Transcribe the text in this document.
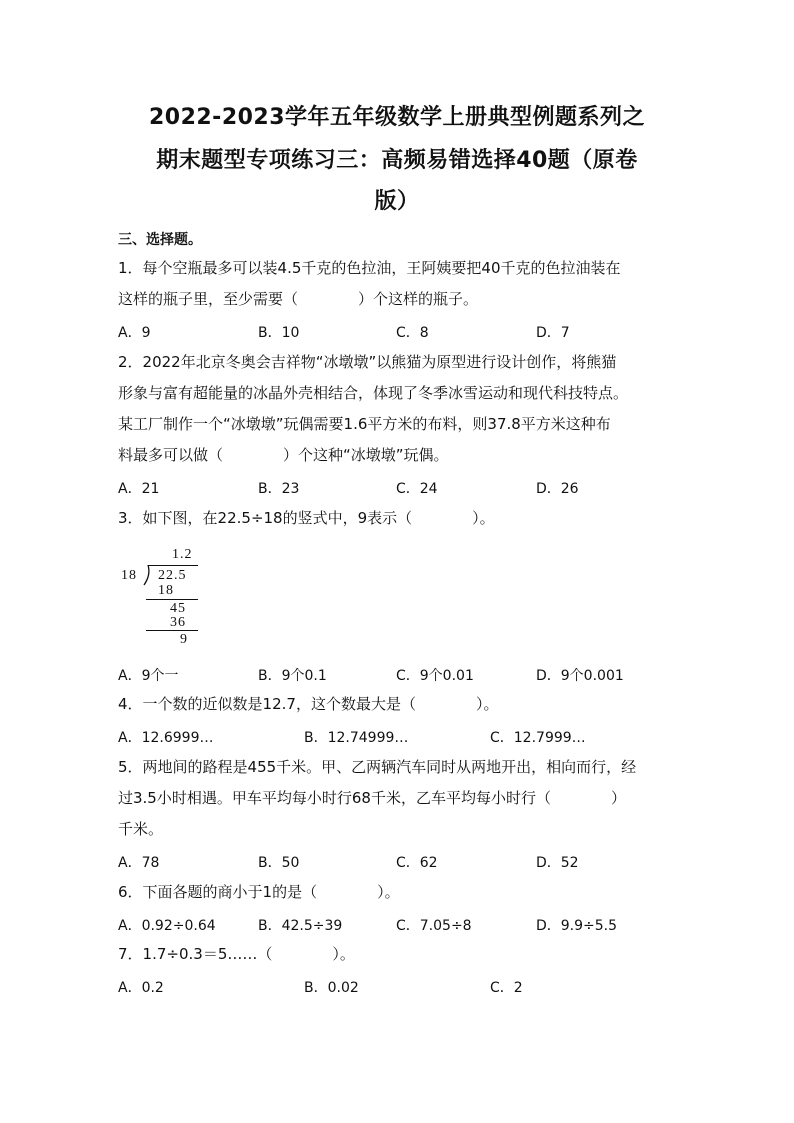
2022-2023学年五年级数学上册典型例题系列之
期末题型专项练习三：高频易错选择40题（原卷
版）
三、选择题。
1．每个空瓶最多可以装4.5千克的色拉油，王阿姨要把40千克的色拉油装在
这样的瓶子里，至少需要（	）个这样的瓶子。
A．9	B．10	C．8	D．7
2．2022年北京冬奥会吉祥物“冰墩墩”以熊猫为原型进行设计创作，将熊猫
形象与富有超能量的冰晶外壳相结合，体现了冬季冰雪运动和现代科技特点。
某工厂制作一个“冰墩墩”玩偶需要1.6平方米的布料，则37.8平方米这种布
料最多可以做（	）个这种“冰墩墩”玩偶。
A．21	B．23	C．24	D．26
3．如下图，在22.5÷18的竖式中，9表示（	）。
1.2
18 22.5
18
45
36
9
A．9个一	B．9个0.1	C．9个0.01	D．9个0.001
4．一个数的近似数是12.7，这个数最大是（	）。
A．12.6999…	B．12.74999…	C．12.7999…
5．两地间的路程是455千米。甲、乙两辆汽车同时从两地开出，相向而行，经
过3.5小时相遇。甲车平均每小时行68千米，乙车平均每小时行（	）
千米。
A．78	B．50	C．62	D．52
6．下面各题的商小于1的是（	）。
A．0.92÷0.64	B．42.5÷39	C．7.05÷8	D．9.9÷5.5
7．1.7÷0.3＝5……（	）。
A．0.2	B．0.02	C．2
